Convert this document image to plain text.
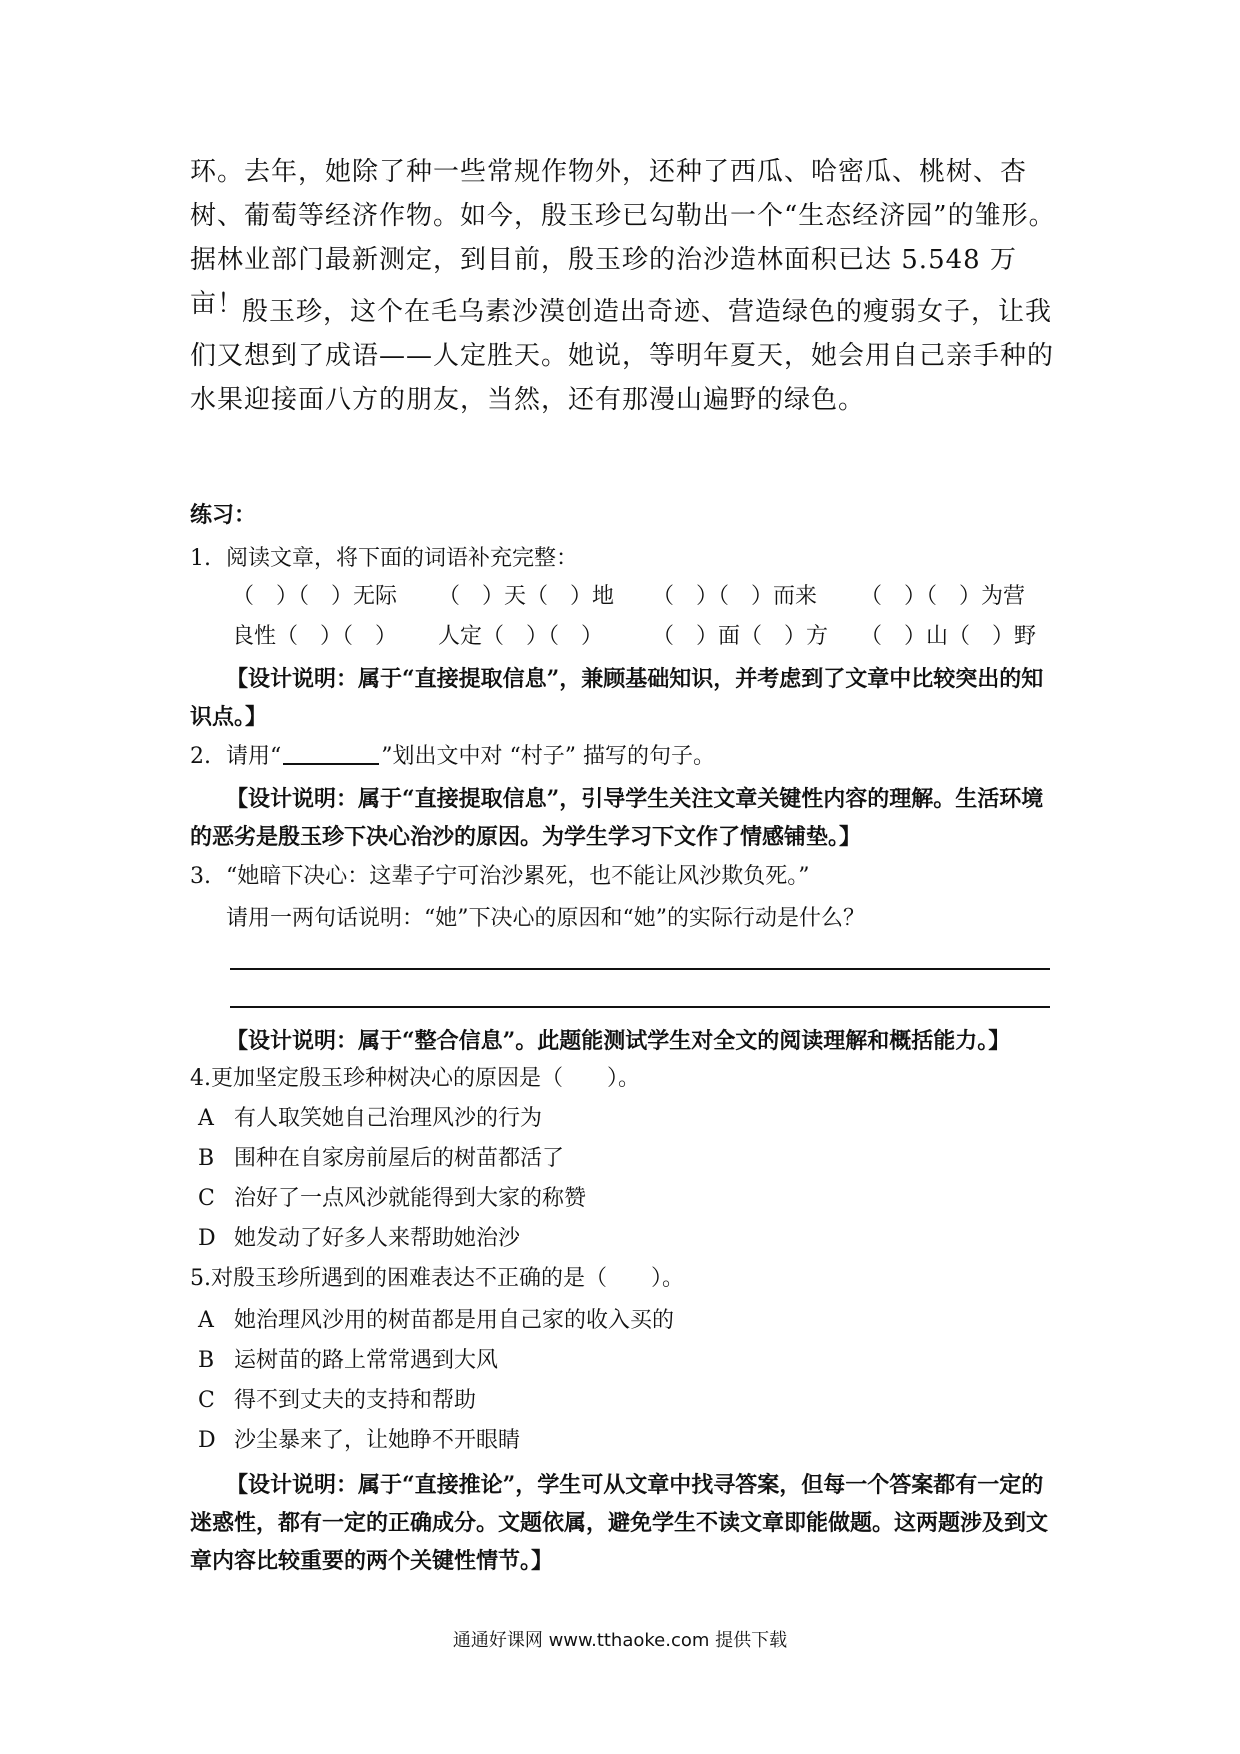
环。去年，她除了种一些常规作物外，还种了西瓜、哈密瓜、桃树、杏树、葡萄等经济作物。如今，殷玉珍已勾勒出一个“生态经济园”的雏形。据林业部门最新测定，到目前，殷玉珍的治沙造林面积已达 5.548 万亩！
殷玉珍，这个在毛乌素沙漠创造出奇迹、营造绿色的瘦弱女子，让我们又想到了成语——人定胜天。她说，等明年夏天，她会用自己亲手种的水果迎接面八方的朋友，当然，还有那漫山遍野的绿色。
练习：
1. 阅读文章，将下面的词语补充完整：
（　）（　）无际 （　）天（　）地 （　）（　）而来 （　）（　）为营
良性（　）（　） 人定（　）（　） （　）面（　）方 （　）山（　）野
【设计说明：属于“直接提取信息”，兼顾基础知识，并考虑到了文章中比较突出的知识点。】
2. 请用“	”划出文中对 “村子” 描写的句子。
【设计说明：属于“直接提取信息”，引导学生关注文章关键性内容的理解。生活环境的恶劣是殷玉珍下决心治沙的原因。为学生学习下文作了情感铺垫。】
3. “她暗下决心：这辈子宁可治沙累死，也不能让风沙欺负死。”
请用一两句话说明：“她”下决心的原因和“她”的实际行动是什么？
【设计说明：属于“整合信息”。此题能测试学生对全文的阅读理解和概括能力。】
4.更加坚定殷玉珍种树决心的原因是（　　）。
A 有人取笑她自己治理风沙的行为
B 围种在自家房前屋后的树苗都活了
C 治好了一点风沙就能得到大家的称赞
D 她发动了好多人来帮助她治沙
5.对殷玉珍所遇到的困难表达不正确的是（　　）。
A 她治理风沙用的树苗都是用自己家的收入买的
B 运树苗的路上常常遇到大风
C 得不到丈夫的支持和帮助
D 沙尘暴来了，让她睁不开眼睛
【设计说明：属于“直接推论”，学生可从文章中找寻答案，但每一个答案都有一定的迷惑性，都有一定的正确成分。文题依属，避免学生不读文章即能做题。这两题涉及到文章内容比较重要的两个关键性情节。】
通通好课网 www.tthaoke.com 提供下载
